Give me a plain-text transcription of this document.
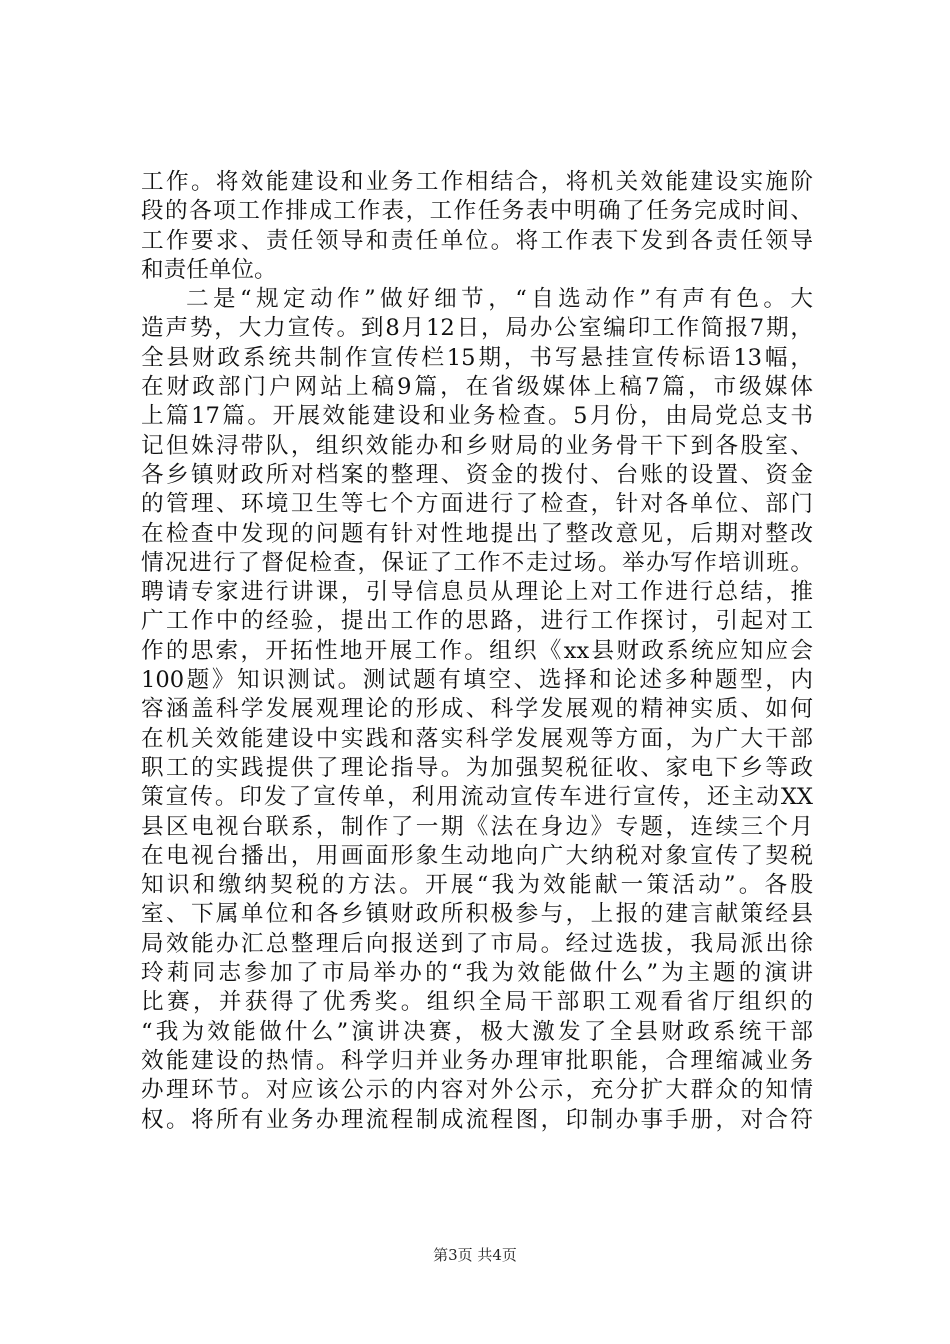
工作。将效能建设和业务工作相结合，将机关效能建设实施阶
段的各项工作排成工作表，工作任务表中明确了任务完成时间、
工作要求、责任领导和责任单位。将工作表下发到各责任领导
和责任单位。
二是“规定动作”做好细节，“自选动作”有声有色。大
造声势，大力宣传。到8月12日，局办公室编印工作简报7期，
全县财政系统共制作宣传栏15期，书写悬挂宣传标语13幅，
在财政部门户网站上稿9篇，在省级媒体上稿7篇，市级媒体
上篇17篇。开展效能建设和业务检查。5月份，由局党总支书
记但姝浔带队，组织效能办和乡财局的业务骨干下到各股室、
各乡镇财政所对档案的整理、资金的拨付、台账的设置、资金
的管理、环境卫生等七个方面进行了检查，针对各单位、部门
在检查中发现的问题有针对性地提出了整改意见，后期对整改
情况进行了督促检查，保证了工作不走过场。举办写作培训班。
聘请专家进行讲课，引导信息员从理论上对工作进行总结，推
广工作中的经验，提出工作的思路，进行工作探讨，引起对工
作的思索，开拓性地开展工作。组织《xx县财政系统应知应会
100题》知识测试。测试题有填空、选择和论述多种题型，内
容涵盖科学发展观理论的形成、科学发展观的精神实质、如何
在机关效能建设中实践和落实科学发展观等方面，为广大干部
职工的实践提供了理论指导。为加强契税征收、家电下乡等政
策宣传。印发了宣传单，利用流动宣传车进行宣传，还主动XX
县区电视台联系，制作了一期《法在身边》专题，连续三个月
在电视台播出，用画面形象生动地向广大纳税对象宣传了契税
知识和缴纳契税的方法。开展“我为效能献一策活动”。各股
室、下属单位和各乡镇财政所积极参与，上报的建言献策经县
局效能办汇总整理后向报送到了市局。经过选拔，我局派出徐
玲莉同志参加了市局举办的“我为效能做什么”为主题的演讲
比赛，并获得了优秀奖。组织全局干部职工观看省厅组织的
“我为效能做什么”演讲决赛，极大激发了全县财政系统干部
效能建设的热情。科学归并业务办理审批职能，合理缩减业务
办理环节。对应该公示的内容对外公示，充分扩大群众的知情
权。将所有业务办理流程制成流程图，印制办事手册，对合符
第3页 共4页
